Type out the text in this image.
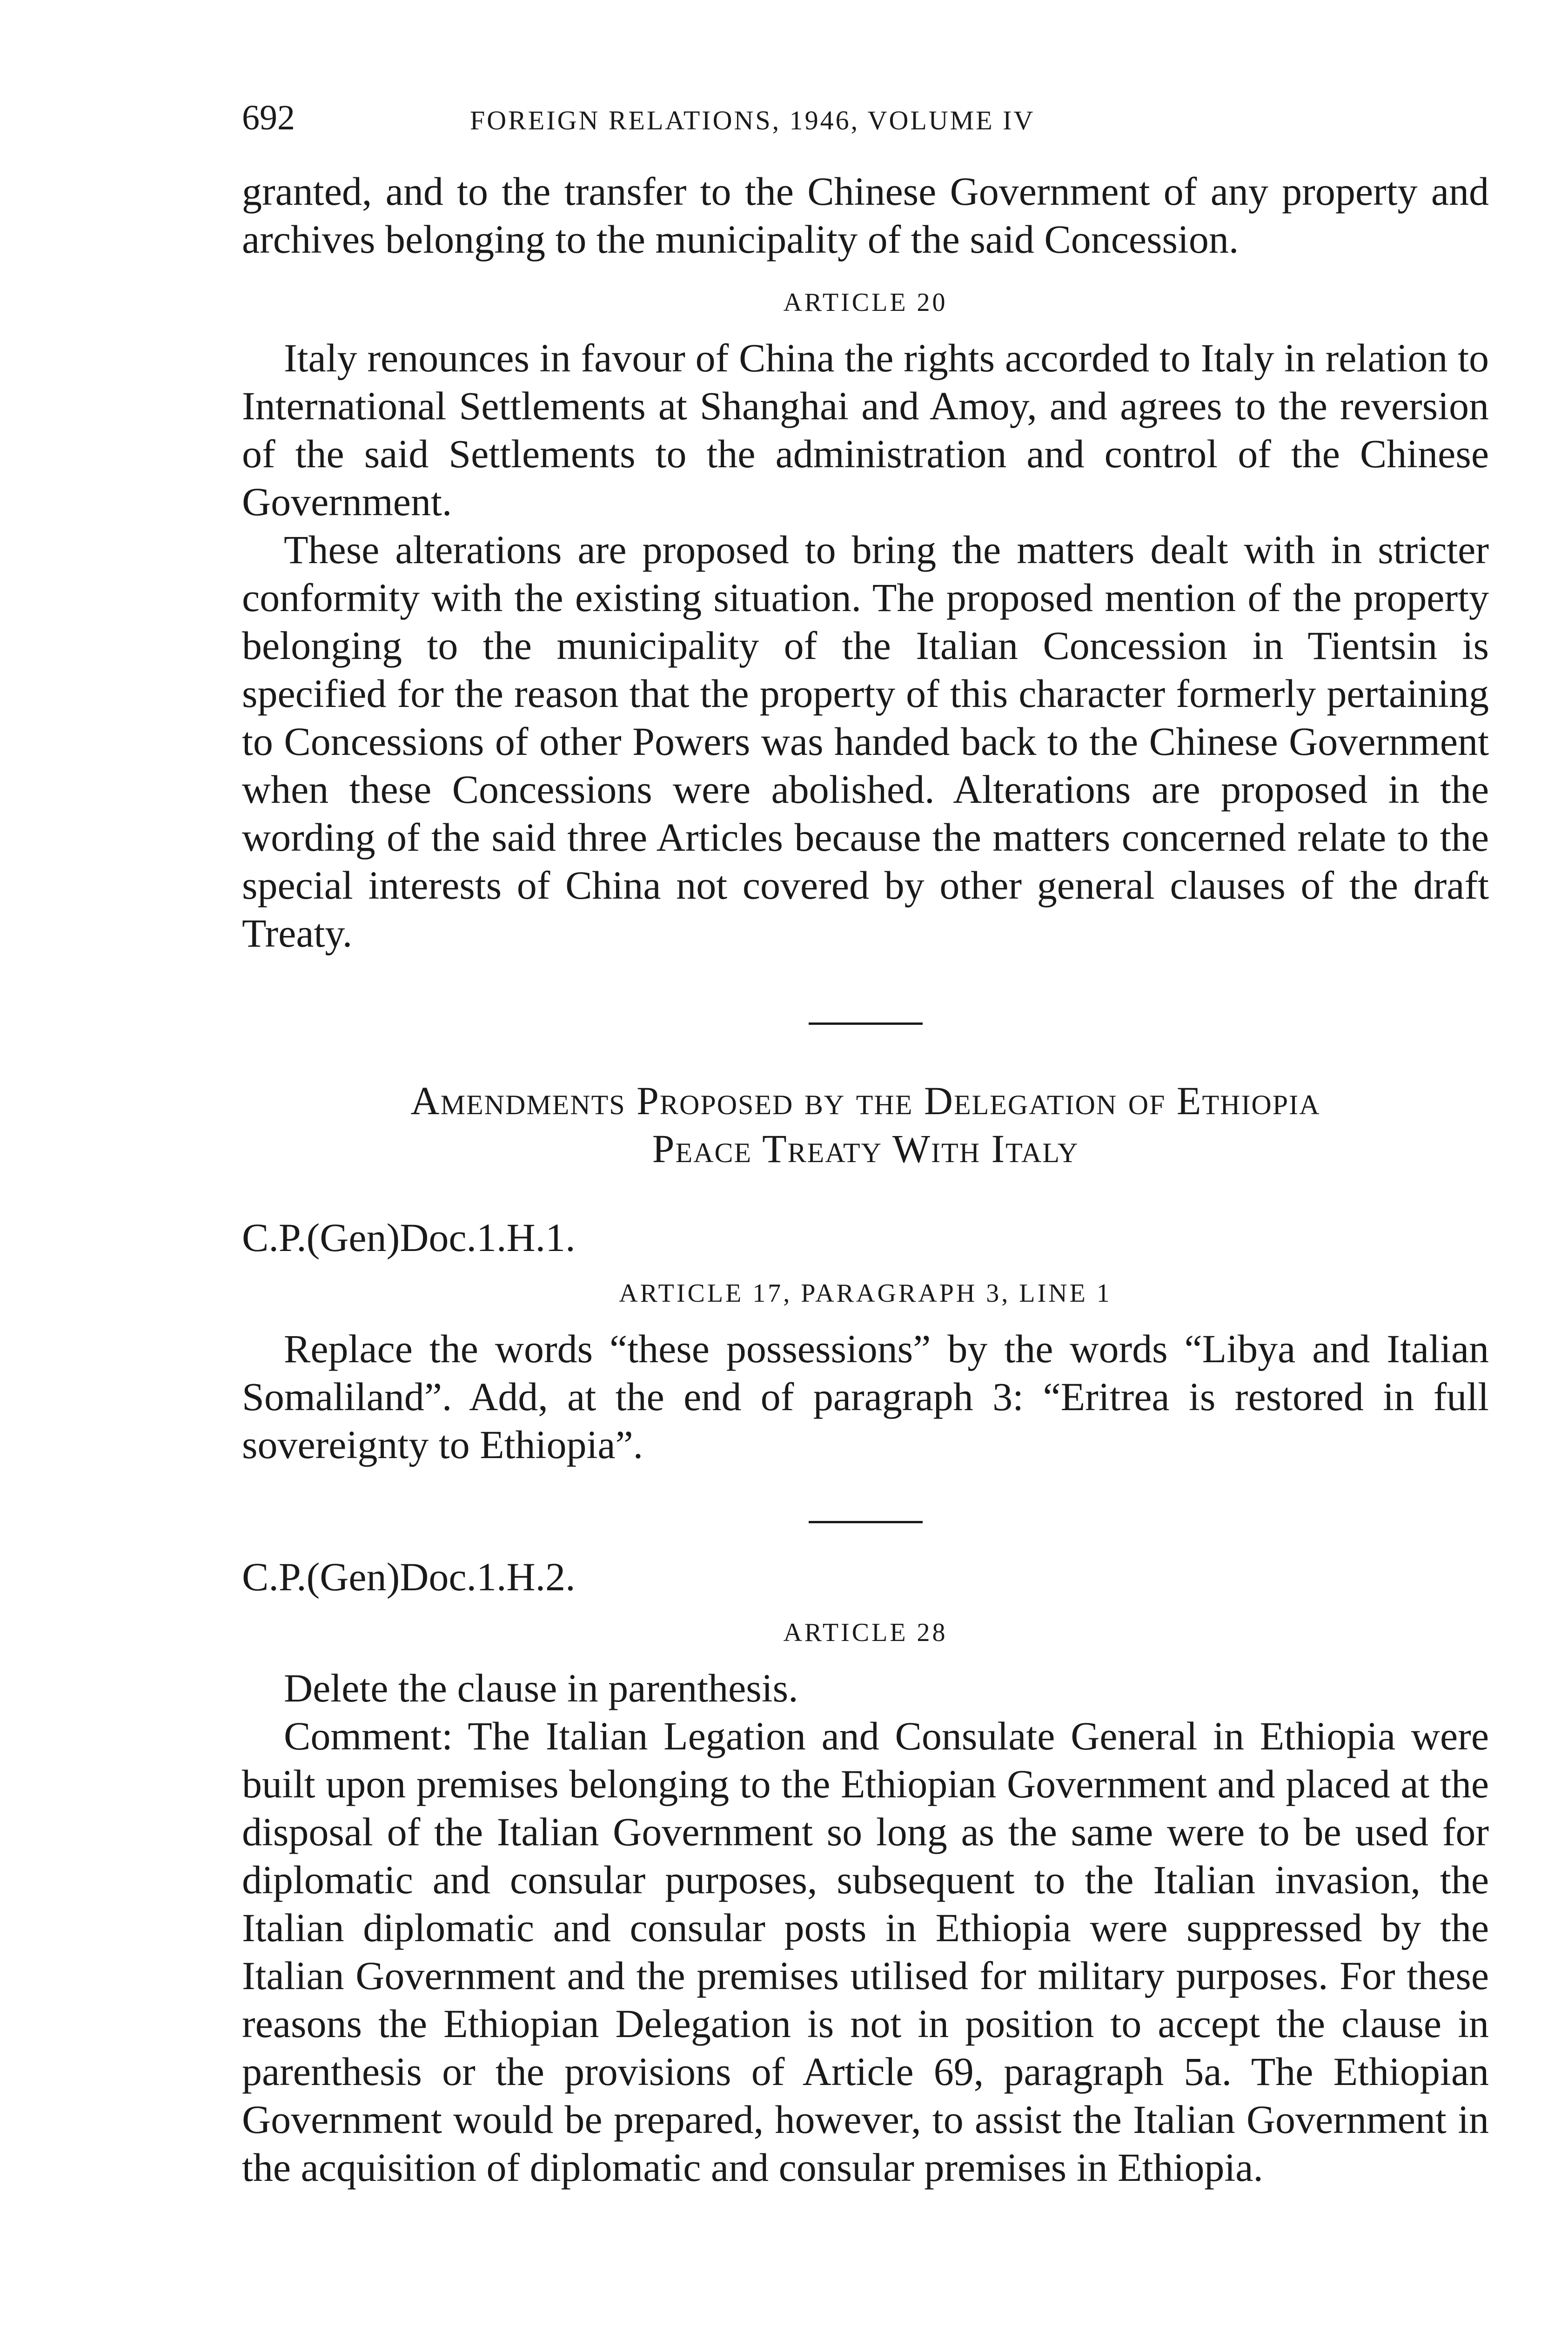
692	FOREIGN RELATIONS, 1946, VOLUME IV

granted, and to the transfer to the Chinese Government of any property and archives belonging to the municipality of the said Concession.

ARTICLE 20

Italy renounces in favour of China the rights accorded to Italy in relation to International Settlements at Shanghai and Amoy, and agrees to the reversion of the said Settlements to the administration and control of the Chinese Government.

These alterations are proposed to bring the matters dealt with in stricter conformity with the existing situation. The proposed mention of the property belonging to the municipality of the Italian Concession in Tientsin is specified for the reason that the property of this character formerly pertaining to Concessions of other Powers was handed back to the Chinese Government when these Concessions were abolished. Alterations are proposed in the wording of the said three Articles because the matters concerned relate to the special interests of China not covered by other general clauses of the draft Treaty.

Amendments Proposed by the Delegation of Ethiopia
Peace Treaty With Italy
C.P.(Gen)Doc.1.H.1.
ARTICLE 17, PARAGRAPH 3, LINE 1

Replace the words “these possessions” by the words “Libya and Italian Somaliland”. Add, at the end of paragraph 3: “Eritrea is restored in full sovereignty to Ethiopia”.

C.P.(Gen)Doc.1.H.2.
ARTICLE 28

Delete the clause in parenthesis.

Comment: The Italian Legation and Consulate General in Ethiopia were built upon premises belonging to the Ethiopian Government and placed at the disposal of the Italian Government so long as the same were to be used for diplomatic and consular purposes, subsequent to the Italian invasion, the Italian diplomatic and consular posts in Ethiopia were suppressed by the Italian Government and the premises utilised for military purposes. For these reasons the Ethiopian Delegation is not in position to accept the clause in parenthesis or the provisions of Article 69, paragraph 5a. The Ethiopian Government would be prepared, however, to assist the Italian Government in the acquisition of diplomatic and consular premises in Ethiopia.
